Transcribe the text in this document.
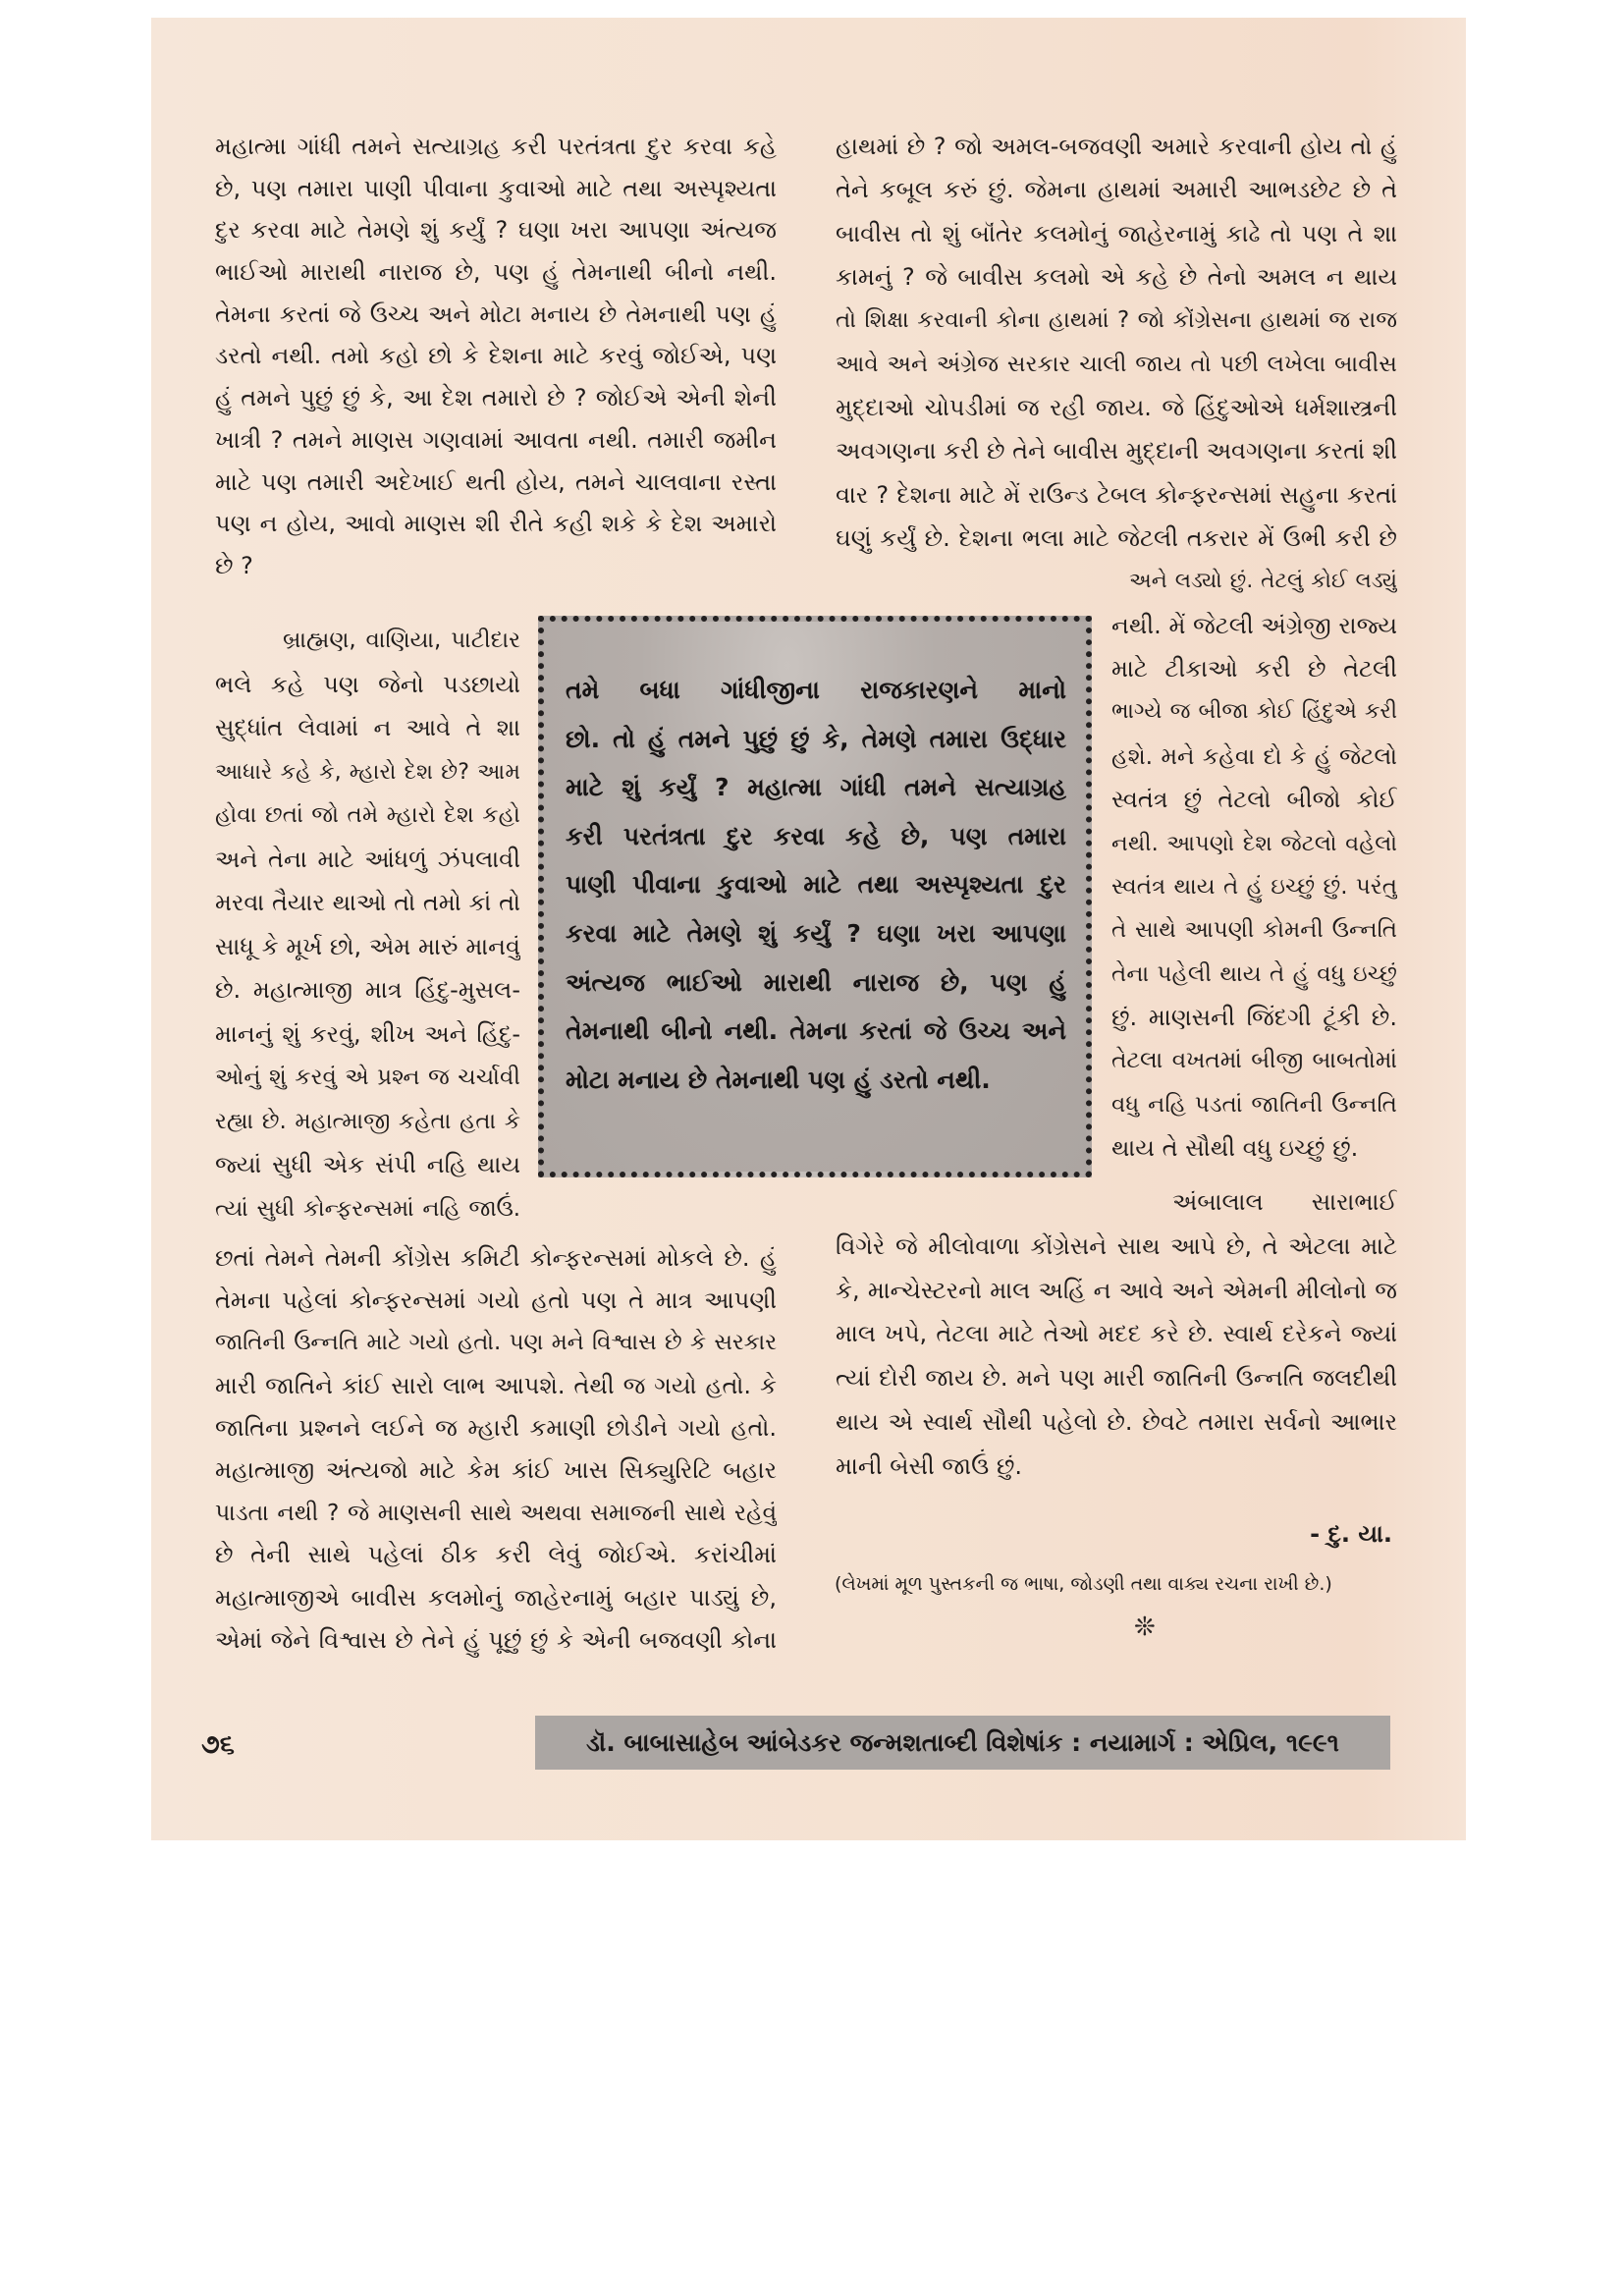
મહાત્મા ગાંધી તમને સત્યાગ્રહ કરી પરતંત્રતા દુર કરવા કહે
છે, પણ તમારા પાણી પીવાના કુવાઓ માટે તથા અસ્પૃશ્યતા
દુર કરવા માટે તેમણે શું કર્યું ? ઘણા ખરા આપણા અંત્યજ
ભાઈઓ મારાથી નારાજ છે, પણ હું તેમનાથી બીનો નથી.
તેમના કરતાં જે ઉચ્ચ અને મોટા મનાય છે તેમનાથી પણ હું
ડરતો નથી. તમો કહો છો કે દેશના માટે કરવું જોઈએ, પણ
હું તમને પુછું છું કે, આ દેશ તમારો છે ? જોઈએ એની શેની
ખાત્રી ? તમને માણસ ગણવામાં આવતા નથી. તમારી જમીન
માટે પણ તમારી અદેખાઈ થતી હોય, તમને ચાલવાના રસ્તા
પણ ન હોય, આવો માણસ શી રીતે કહી શકે કે દેશ અમારો
છે ?
બ્રાહ્મણ, વાણિયા, પાટીદાર
ભલે કહે પણ જેનો પડછાયો
સુદ્ધાંત લેવામાં ન આવે તે શા
આધારે કહે કે, મ્હારો દેશ છે? આમ
હોવા છતાં જો તમે મ્હારો દેશ કહો
અને તેના માટે આંધળું ઝંપલાવી
મરવા તૈયાર થાઓ તો તમો કાં તો
સાધૂ કે મૂર્ખ છો, એમ મારું માનવું
છે. મહાત્માજી માત્ર હિંદુ-મુસલ-
માનનું શું કરવું, શીખ અને હિંદુ-
ઓનું શું કરવું એ પ્રશ્ન જ ચર્ચાવી
રહ્યા છે. મહાત્માજી કહેતા હતા કે
જ્યાં સુધી એક સંપી નહિ થાય
ત્યાં સુધી કોન્ફરન્સમાં નહિ જાઉં.
તમે બધા ગાંધીજીના રાજકારણને માનો
છો. તો હું તમને પુછું છું કે, તેમણે તમારા ઉદ્ધાર
માટે શું કર્યું ? મહાત્મા ગાંધી તમને સત્યાગ્રહ
કરી પરતંત્રતા દુર કરવા કહે છે, પણ તમારા
પાણી પીવાના કુવાઓ માટે તથા અસ્પૃશ્યતા દુર
કરવા માટે તેમણે શું કર્યું ? ઘણા ખરા આપણા
અંત્યજ ભાઈઓ મારાથી નારાજ છે, પણ હું
તેમનાથી બીનો નથી. તેમના કરતાં જે ઉચ્ચ અને
મોટા મનાય છે તેમનાથી પણ હું ડરતો નથી.
છતાં તેમને તેમની કોંગ્રેસ કમિટી કોન્ફરન્સમાં મોકલે છે. હું
તેમના પહેલાં કોન્ફરન્સમાં ગયો હતો પણ તે માત્ર આપણી
જાતિની ઉન્નતિ માટે ગયો હતો. પણ મને વિશ્વાસ છે કે સરકાર
મારી જાતિને કાંઈ સારો લાભ આપશે. તેથી જ ગયો હતો. કે
જાતિના પ્રશ્નને લઈને જ મ્હારી કમાણી છોડીને ગયો હતો.
મહાત્માજી અંત્યજો માટે કેમ કાંઈ ખાસ સિક્યુરિટિ બહાર
પાડતા નથી ? જે માણસની સાથે અથવા સમાજની સાથે રહેવું
છે તેની સાથે પહેલાં ઠીક કરી લેવું જોઈએ. કરાંચીમાં
મહાત્માજીએ બાવીસ કલમોનું જાહેરનામું બહાર પાડ્યું છે,
એમાં જેને વિશ્વાસ છે તેને હું પૂછું છું કે એની બજવણી કોના
હાથમાં છે ? જો અમલ-બજવણી અમારે કરવાની હોય તો હું
તેને કબૂલ કરું છું. જેમના હાથમાં અમારી આભડછેટ છે તે
બાવીસ તો શું બૉંતેર કલમોનું જાહેરનામું કાઢે તો પણ તે શા
કામનું ? જે બાવીસ કલમો એ કહે છે તેનો અમલ ન થાય
તો શિક્ષા કરવાની કોના હાથમાં ? જો કોંગ્રેસના હાથમાં જ રાજ
આવે અને અંગ્રેજ સરકાર ચાલી જાય તો પછી લખેલા બાવીસ
મુદ્દાઓ ચોપડીમાં જ રહી જાય. જે હિંદુઓએ ધર્મશાસ્ત્રની
અવગણના કરી છે તેને બાવીસ મુદ્દાની અવગણના કરતાં શી
વાર ? દેશના માટે મેં રાઉન્ડ ટેબલ કોન્ફરન્સમાં સહુના કરતાં
ઘણું કર્યું છે. દેશના ભલા માટે જેટલી તકરાર મેં ઉભી કરી છે
અને લડ્યો છું. તેટલું કોઈ લડ્યું
નથી. મેં જેટલી અંગ્રેજી રાજ્ય
માટે ટીકાઓ કરી છે તેટલી
ભાગ્યે જ બીજા કોઈ હિંદુએ કરી
હશે. મને કહેવા દો કે હું જેટલો
સ્વતંત્ર છું તેટલો બીજો કોઈ
નથી. આપણો દેશ જેટલો વહેલો
સ્વતંત્ર થાય તે હું ઇચ્છું છું. પરંતુ
તે સાથે આપણી કોમની ઉન્નતિ
તેના પહેલી થાય તે હું વધુ ઇચ્છું
છું. માણસની જિંદગી ટૂંકી છે.
તેટલા વખતમાં બીજી બાબતોમાં
વધુ નહિ પડતાં જાતિની ઉન્નતિ
થાય તે સૌથી વધુ ઇચ્છું છું.
અંબાલાલ સારાભાઈ
વિગેરે જે મીલોવાળા કોંગ્રેસને સાથ આપે છે, તે એટલા માટે
કે, માન્ચેસ્ટરનો માલ અહિં ન આવે અને એમની મીલોનો જ
માલ ખપે, તેટલા માટે તેઓ મદદ કરે છે. સ્વાર્થ દરેકને જ્યાં
ત્યાં દોરી જાય છે. મને પણ મારી જાતિની ઉન્નતિ જલદીથી
થાય એ સ્વાર્થ સૌથી પહેલો છે. છેવટે તમારા સર્વનો આભાર
માની બેસી જાઉં છું.
- દુ. યા.
(લેખમાં મૂળ પુસ્તકની જ ભાષા, જોડણી તથા વાક્ય રચના રાખી છે.)
❊
૭૬	ડૉ. બાબાસાહેબ આંબેડકર જન્મશતાબ્દી વિશેષાંક : નયામાર્ગ : એપ્રિલ, ૧૯૯૧
